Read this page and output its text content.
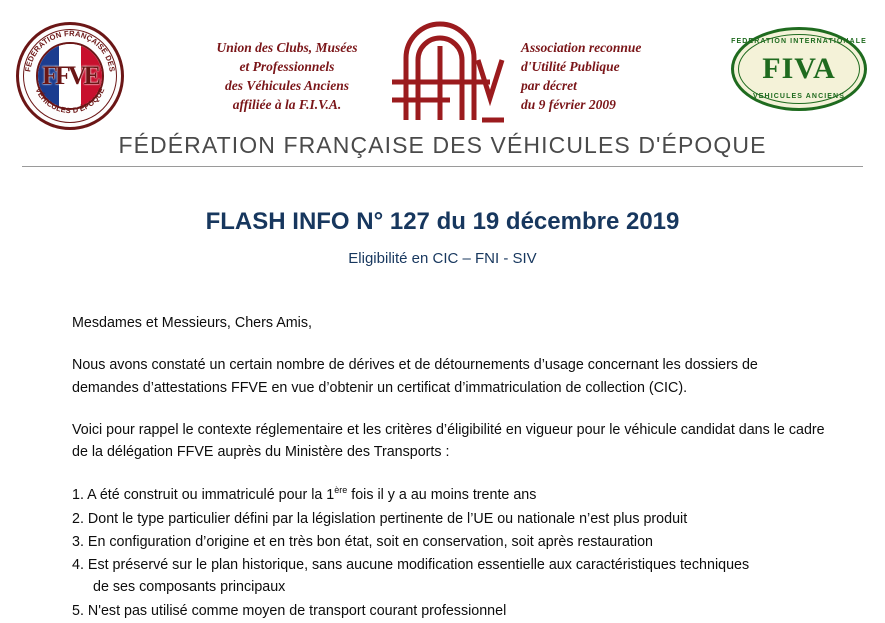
FFVE
FÉDÉRATION FRANÇAISE DES
VÉHICULES D'ÉPOQUE
Union des Clubs, Musées
et Professionnels
des Véhicules Anciens
affiliée à la F.I.V.A.
Association reconnue
d'Utilité Publique
par décret
du 9 février 2009
FEDERATION INTERNATIONALE
FIVA
VEHICULES ANCIENS
FÉDÉRATION FRANÇAISE DES VÉHICULES D'ÉPOQUE
FLASH INFO N° 127 du 19 décembre 2019
Eligibilité en CIC – FNI - SIV

Mesdames et Messieurs, Chers Amis,

Nous avons constaté un certain nombre de dérives et de détournements d’usage concernant les dossiers de demandes d’attestations FFVE en vue d’obtenir un certificat d’immatriculation de collection (CIC).

Voici pour rappel le contexte réglementaire et les critères d’éligibilité en vigueur pour le véhicule candidat dans le cadre de la délégation FFVE auprès du Ministère des Transports :

1. A été construit ou immatriculé pour la 1ère fois il y a au moins trente ans
2. Dont le type particulier défini par la législation pertinente de l’UE ou nationale n’est plus produit
3. En configuration d’origine et en très bon état, soit en conservation, soit après restauration
4. Est préservé sur le plan historique, sans aucune modification essentielle aux caractéristiques techniques
de ses composants principaux
5. N'est pas utilisé comme moyen de transport courant professionnel
